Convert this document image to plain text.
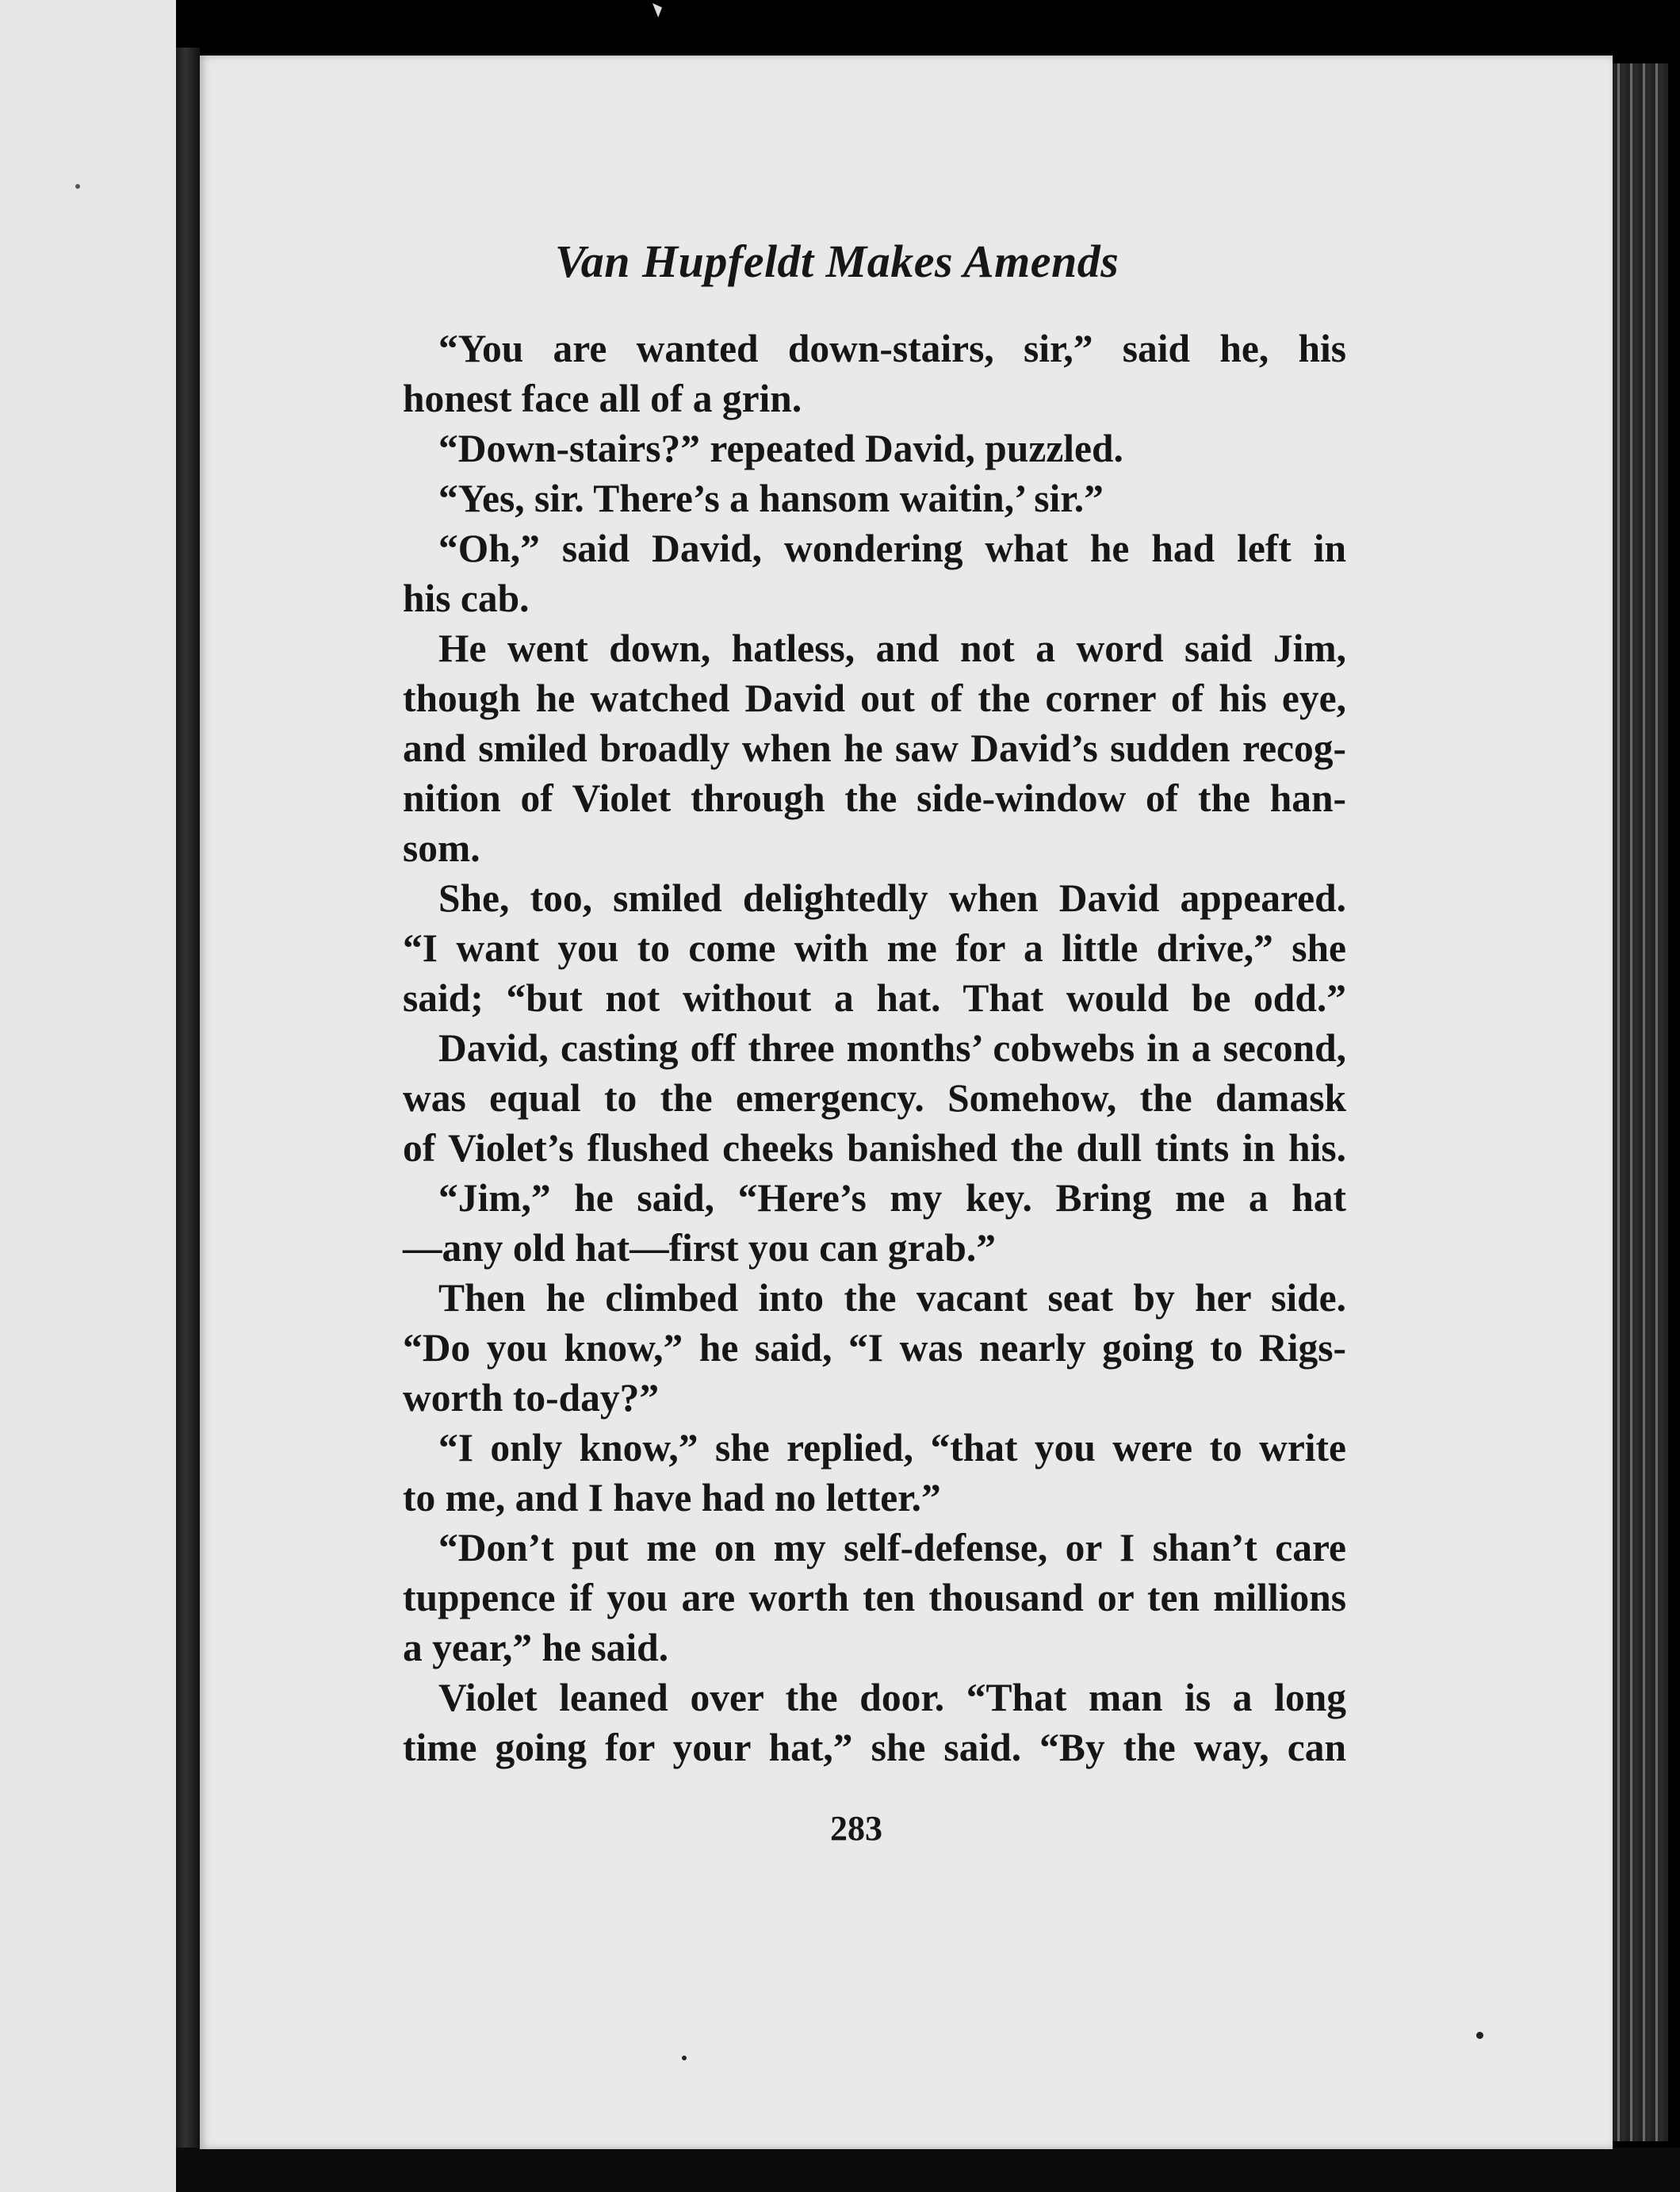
Van Hupfeldt Makes Amends
“You are wanted down-stairs, sir,” said he, his
honest face all of a grin.
“Down-stairs?” repeated David, puzzled.
“Yes, sir. There’s a hansom waitin,’ sir.”
“Oh,” said David, wondering what he had left in
his cab.
He went down, hatless, and not a word said Jim,
though he watched David out of the corner of his eye,
and smiled broadly when he saw David’s sudden recog-
nition of Violet through the side-window of the han-
som.
She, too, smiled delightedly when David appeared.
“I want you to come with me for a little drive,” she
said; “but not without a hat. That would be odd.”
David, casting off three months’ cobwebs in a second,
was equal to the emergency. Somehow, the damask
of Violet’s flushed cheeks banished the dull tints in his.
“Jim,” he said, “Here’s my key. Bring me a hat
—any old hat—first you can grab.”
Then he climbed into the vacant seat by her side.
“Do you know,” he said, “I was nearly going to Rigs-
worth to-day?”
“I only know,” she replied, “that you were to write
to me, and I have had no letter.”
“Don’t put me on my self-defense, or I shan’t care
tuppence if you are worth ten thousand or ten millions
a year,” he said.
Violet leaned over the door. “That man is a long
time going for your hat,” she said. “By the way, can
283
